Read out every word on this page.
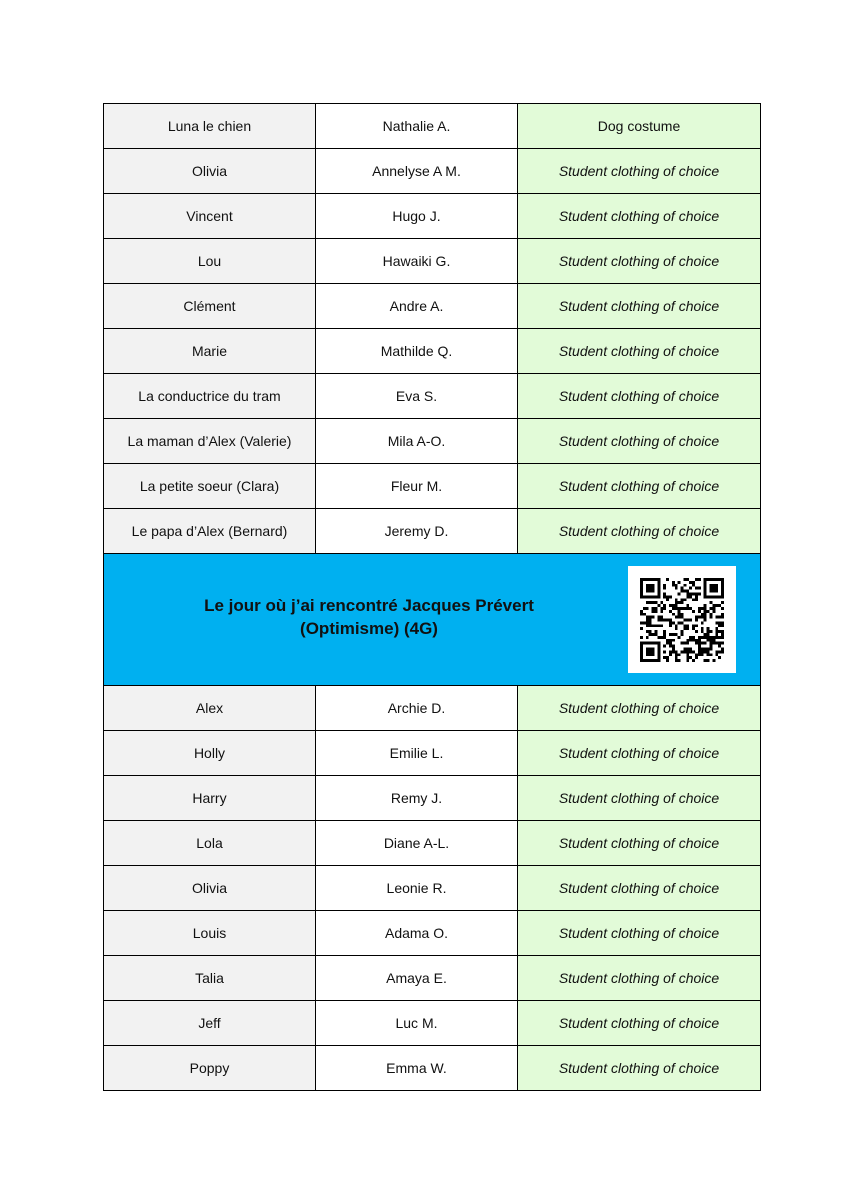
Luna le chien	Nathalie A.	Dog costume
Olivia	Annelyse A M.	Student clothing of choice
Vincent	Hugo J.	Student clothing of choice
Lou	Hawaiki G.	Student clothing of choice
Clément	Andre A.	Student clothing of choice
Marie	Mathilde Q.	Student clothing of choice
La conductrice du tram	Eva S.	Student clothing of choice
La maman d’Alex (Valerie)	Mila A-O.	Student clothing of choice
La petite soeur (Clara)	Fleur M.	Student clothing of choice
Le papa d’Alex (Bernard)	Jeremy D.	Student clothing of choice

Le jour où j’ai rencontré Jacques Prévert
(Optimisme) (4G)		

Alex	Archie D.	Student clothing of choice
Holly	Emilie L.	Student clothing of choice
Harry	Remy J.	Student clothing of choice
Lola	Diane A-L.	Student clothing of choice
Olivia	Leonie R.	Student clothing of choice
Louis	Adama O.	Student clothing of choice
Talia	Amaya E.	Student clothing of choice
Jeff	Luc M.	Student clothing of choice
Poppy	Emma W.	Student clothing of choice
